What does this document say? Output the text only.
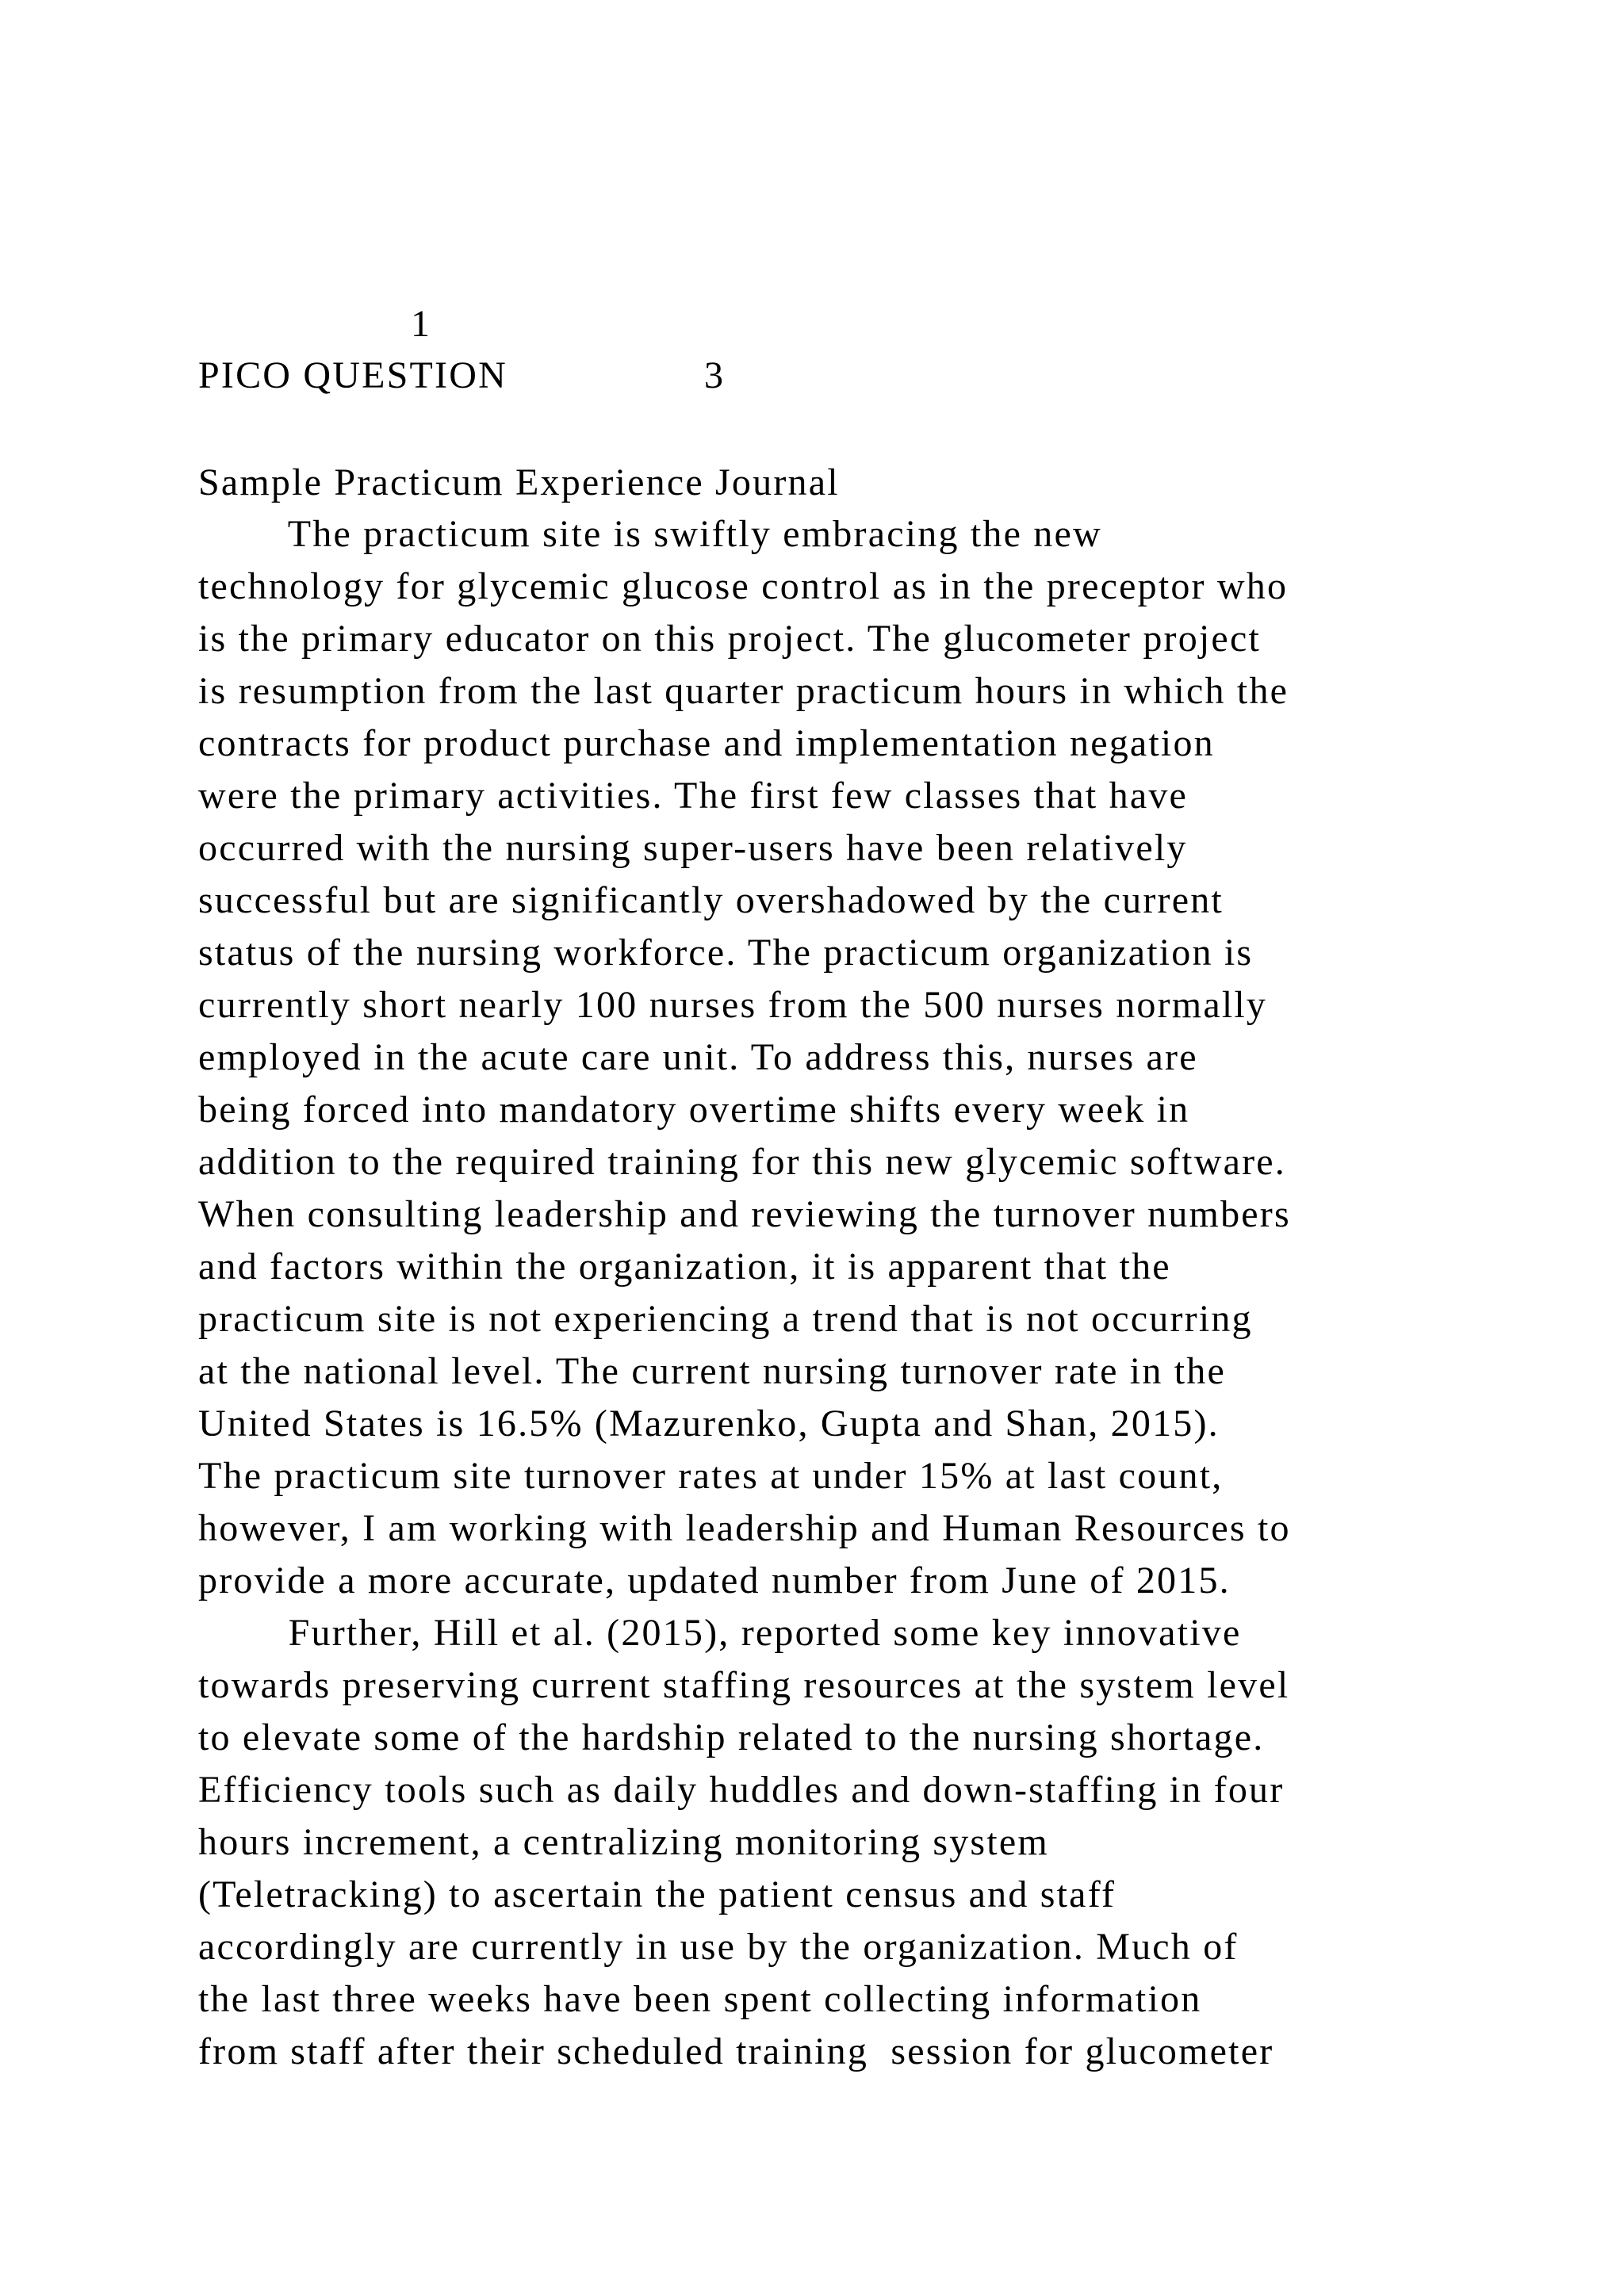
1
PICO QUESTION	3
Sample Practicum Experience Journal
The practicum site is swiftly embracing the new
technology for glycemic glucose control as in the preceptor who
is the primary educator on this project. The glucometer project
is resumption from the last quarter practicum hours in which the
contracts for product purchase and implementation negation
were the primary activities. The first few classes that have
occurred with the nursing super-users have been relatively
successful but are significantly overshadowed by the current
status of the nursing workforce. The practicum organization is
currently short nearly 100 nurses from the 500 nurses normally
employed in the acute care unit. To address this, nurses are
being forced into mandatory overtime shifts every week in
addition to the required training for this new glycemic software.
When consulting leadership and reviewing the turnover numbers
and factors within the organization, it is apparent that the
practicum site is not experiencing a trend that is not occurring
at the national level. The current nursing turnover rate in the
United States is 16.5% (Mazurenko, Gupta and Shan, 2015).
The practicum site turnover rates at under 15% at last count,
however, I am working with leadership and Human Resources to
provide a more accurate, updated number from June of 2015.
Further, Hill et al. (2015), reported some key innovative
towards preserving current staffing resources at the system level
to elevate some of the hardship related to the nursing shortage.
Efficiency tools such as daily huddles and down-staffing in four
hours increment, a centralizing monitoring system
(Teletracking) to ascertain the patient census and staff
accordingly are currently in use by the organization. Much of
the last three weeks have been spent collecting information
from staff after their scheduled training  session for glucometer
